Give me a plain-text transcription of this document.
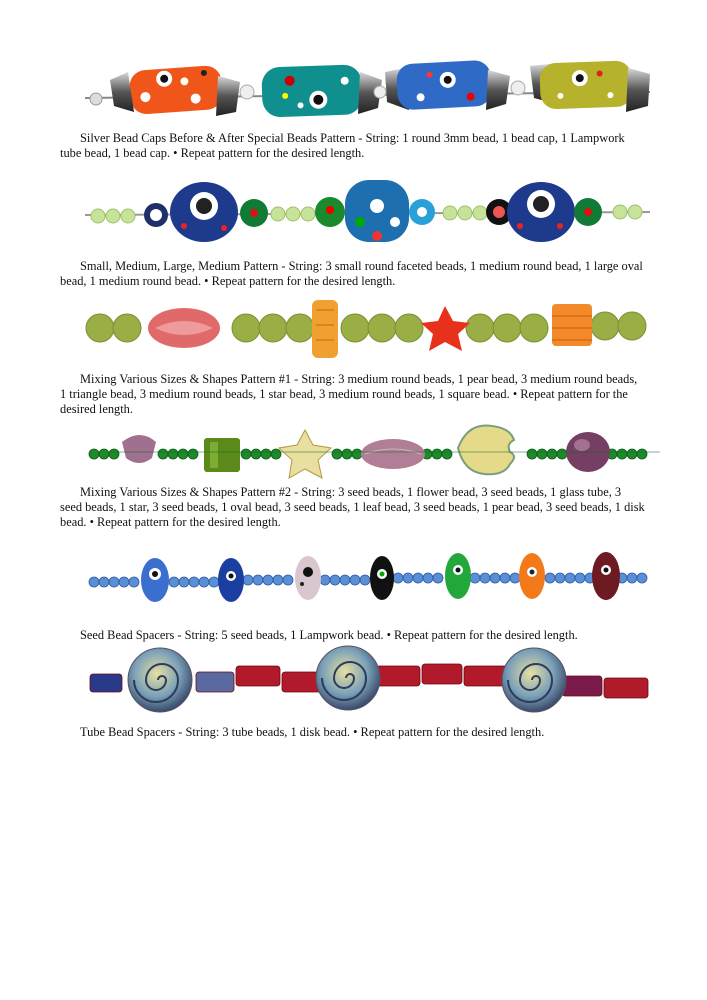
Silver Bead Caps Before & After Special Beads Pattern - String: 1 round 3mm bead, 1 bead cap, 1 Lampwork tube bead, 1 bead cap. • Repeat pattern for the desired length.

Small, Medium, Large, Medium Pattern - String: 3 small round faceted beads, 1 medium round bead, 1 large oval bead, 1 medium round bead. • Repeat pattern for the desired length.

Mixing Various Sizes & Shapes Pattern #1 - String: 3 medium round beads, 1 pear bead, 3 medium round beads, 1 triangle bead, 3 medium round beads, 1 star bead, 3 medium round beads, 1 square bead. • Repeat pattern for the desired length.

Mixing Various Sizes & Shapes Pattern #2 - String: 3 seed beads, 1 flower bead, 3 seed beads, 1 glass tube, 3 seed beads, 1 star, 3 seed beads, 1 oval bead, 3 seed beads, 1 leaf bead, 3 seed beads, 1 pear bead, 3 seed beads, 1 disk bead. • Repeat pattern for the desired length.

Seed Bead Spacers - String: 5 seed beads, 1 Lampwork bead. • Repeat pattern for the desired length.

Tube Bead Spacers - String: 3 tube beads, 1 disk bead. • Repeat pattern for the desired length.
